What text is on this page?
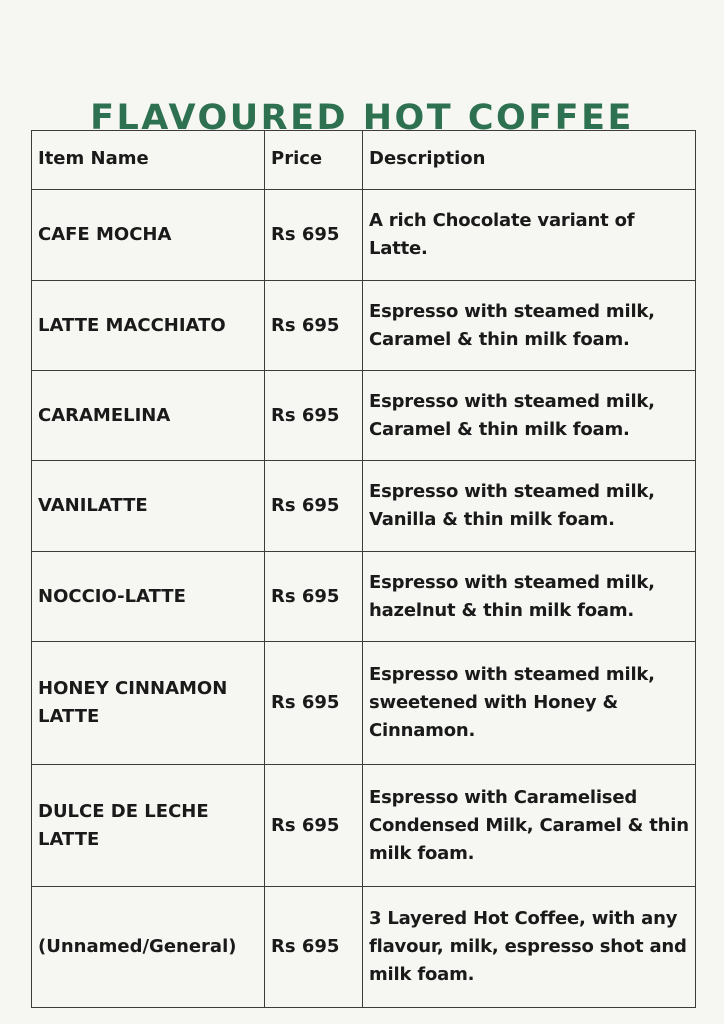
FLAVOURED HOT COFFEE
Item Name	Price	Description
CAFE MOCHA	Rs 695	A rich Chocolate variant of Latte.
LATTE MACCHIATO	Rs 695	Espresso with steamed milk, Caramel & thin milk foam.
CARAMELINA	Rs 695	Espresso with steamed milk, Caramel & thin milk foam.
VANILATTE	Rs 695	Espresso with steamed milk, Vanilla & thin milk foam.
NOCCIO-LATTE	Rs 695	Espresso with steamed milk, hazelnut & thin milk foam.
HONEY CINNAMON LATTE	Rs 695	Espresso with steamed milk, sweetened with Honey & Cinnamon.
DULCE DE LECHE LATTE	Rs 695	Espresso with Caramelised Condensed Milk, Caramel & thin milk foam.
(Unnamed/General)	Rs 695	3 Layered Hot Coffee, with any flavour, milk, espresso shot and milk foam.
